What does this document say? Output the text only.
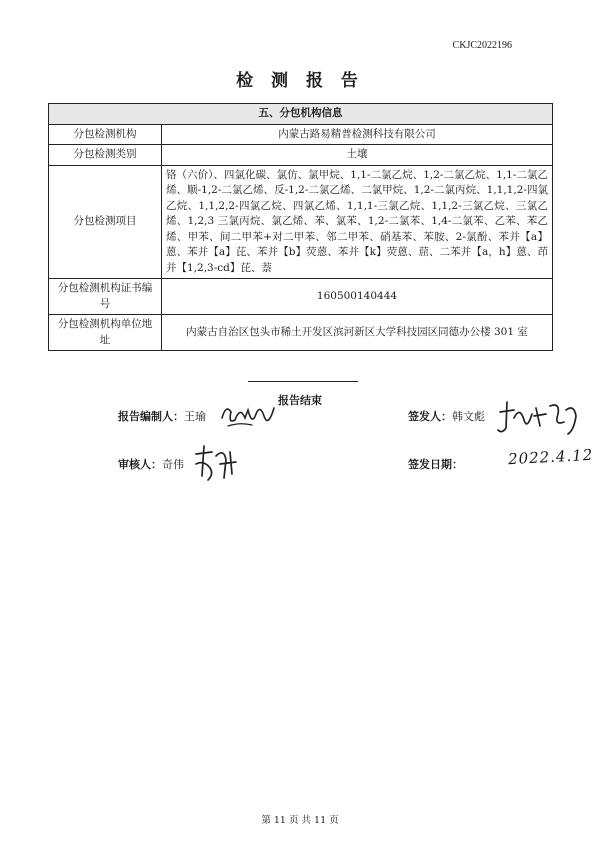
CKJC2022196
检 测 报 告
五、分包机构信息	
分包检测机构	内蒙古路易精普检测科技有限公司
分包检测类别	土壤
分包检测项目	铬（六价）、四氯化碳、氯仿、氯甲烷、1,1-二氯乙烷、1,2-二氯乙烷、1,1-二氯乙烯、顺-1,2-二氯乙烯、反-1,2-二氯乙烯、二氯甲烷、1,2-二氯丙烷、1,1,1,2-四氯乙烷、1,1,2,2-四氯乙烷、四氯乙烯、1,1,1-三氯乙烷、1,1,2-三氯乙烷、三氯乙烯、1,2,3 三氯丙烷、氯乙烯、苯、氯苯、1,2-二氯苯、1,4-二氯苯、乙苯、苯乙烯、甲苯、间二甲苯+对二甲苯、邻二甲苯、硝基苯、苯胺、2-氯酚、苯并【a】蒽、苯并【a】芘、苯并【b】荧蒽、苯并【k】荧蒽、䓛、二苯并【a，h】蒽、茚并【1,2,3-cd】芘、萘
分包检测机构证书编号	160500140444
分包检测机构单位地址	内蒙古自治区包头市稀土开发区滨河新区大学科技园区同德办公楼 301 室
报告结束
报告编制人：王瑜	签发人：韩文彪
审核人：奇伟	签发日期：	2022.4.12
第 11 页 共 11 页
